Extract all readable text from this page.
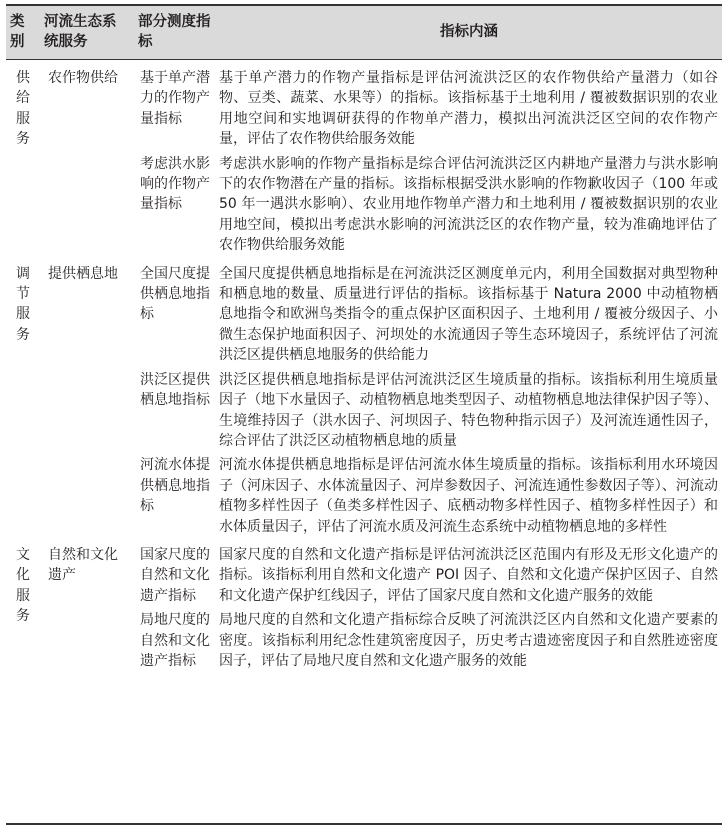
类
别	河流生态系统服务	部分测度指标	指标内涵

供
给
服
务	农作物供给	基于单产潜力的作物产量指标	基于单产潜力的作物产量指标是评估河流洪泛区的农作物供给产量潜力（如谷物、豆类、蔬菜、水果等）的指标。该指标基于土地利用 / 覆被数据识别的农业用地空间和实地调研获得的作物单产潜力，模拟出河流洪泛区空间的农作物产量，评估了农作物供给服务效能
		考虑洪水影响的作物产量指标	考虑洪水影响的作物产量指标是综合评估河流洪泛区内耕地产量潜力与洪水影响下的农作物潜在产量的指标。该指标根据受洪水影响的作物歉收因子（100 年或 50 年一遇洪水影响）、农业用地作物单产潜力和土地利用 / 覆被数据识别的农业用地空间，模拟出考虑洪水影响的河流洪泛区的农作物产量，较为准确地评估了农作物供给服务效能

调
节
服
务	提供栖息地	全国尺度提供栖息地指标	全国尺度提供栖息地指标是在河流洪泛区测度单元内，利用全国数据对典型物种和栖息地的数量、质量进行评估的指标。该指标基于 Natura 2000 中动植物栖息地指令和欧洲鸟类指令的重点保护区面积因子、土地利用 / 覆被分级因子、小微生态保护地面积因子、河坝处的水流通因子等生态环境因子，系统评估了河流洪泛区提供栖息地服务的供给能力
		洪泛区提供栖息地指标	洪泛区提供栖息地指标是评估河流洪泛区生境质量的指标。该指标利用生境质量因子（地下水量因子、动植物栖息地类型因子、动植物栖息地法律保护因子等）、生境维持因子（洪水因子、河坝因子、特色物种指示因子）及河流连通性因子，综合评估了洪泛区动植物栖息地的质量
		河流水体提供栖息地指标	河流水体提供栖息地指标是评估河流水体生境质量的指标。该指标利用水环境因子（河床因子、水体流量因子、河岸参数因子、河流连通性参数因子等）、河流动植物多样性因子（鱼类多样性因子、底栖动物多样性因子、植物多样性因子）和水体质量因子，评估了河流水质及河流生态系统中动植物栖息地的多样性

文
化
服
务	自然和文化遗产	国家尺度的自然和文化遗产指标	国家尺度的自然和文化遗产指标是评估河流洪泛区范围内有形及无形文化遗产的指标。该指标利用自然和文化遗产 POI 因子、自然和文化遗产保护区因子、自然和文化遗产保护红线因子，评估了国家尺度自然和文化遗产服务的效能
		局地尺度的自然和文化遗产指标	局地尺度的自然和文化遗产指标综合反映了河流洪泛区内自然和文化遗产要素的密度。该指标利用纪念性建筑密度因子，历史考古遗迹密度因子和自然胜迹密度因子，评估了局地尺度自然和文化遗产服务的效能
